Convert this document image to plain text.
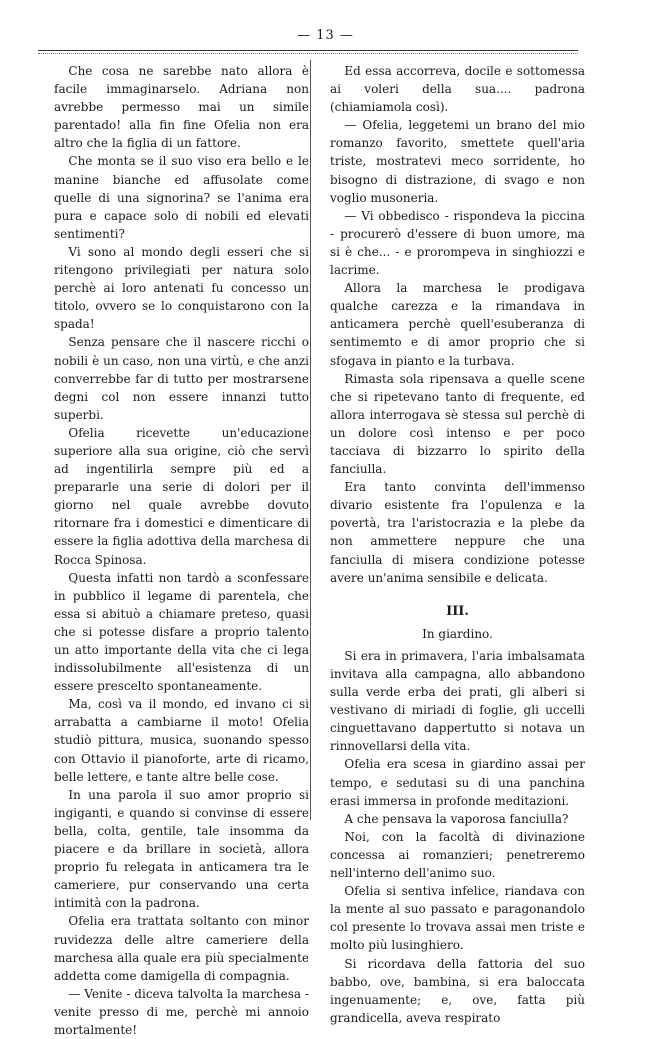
— 13 —

Che cosa ne sarebbe nato allora è facile immaginarselo. Adriana non avrebbe permesso mai un simile parentado! alla fin fine Ofelia non era altro che la figlia di un fattore.

Che monta se il suo viso era bello e le manine bianche ed affusolate come quelle di una signorina? se l'anima era pura e capace solo di nobili ed elevati sentimenti?

Vi sono al mondo degli esseri che si ritengono privilegiati per natura solo perchè ai loro antenati fu concesso un titolo, ovvero se lo conquistarono con la spada!

Senza pensare che il nascere ricchi o nobili è un caso, non una virtù, e che anzi converrebbe far di tutto per mostrarsene degni col non essere innanzi tutto superbi.

Ofelia ricevette un'educazione superiore alla sua origine, ciò che servì ad ingentilirla sempre più ed a prepararle una serie di dolori per il giorno nel quale avrebbe dovuto ritornare fra i domestici e dimenticare di essere la figlia adottiva della marchesa di Rocca Spinosa.

Questa infatti non tardò a sconfessare in pubblico il legame di parentela, che essa si abituò a chiamare preteso, quasi che si potesse disfare a proprio talento un atto importante della vita che ci lega indissolubilmente all'esistenza di un essere prescelto spontaneamente.

Ma, così va il mondo, ed invano ci si arrabatta a cambiarne il moto! Ofelia studiò pittura, musica, suonando spesso con Ottavio il pianoforte, arte di ricamo, belle lettere, e tante altre belle cose.

In una parola il suo amor proprio si ingiganti, e quando si convinse di essere bella, colta, gentile, tale insomma da piacere e da brillare in società, allora proprio fu relegata in anticamera tra le cameriere, pur conservando una certa intimità con la padrona.

Ofelia era trattata soltanto con minor ruvidezza delle altre cameriere della marchesa alla quale era più specialmente addetta come damigella di compagnia.

— Venite - diceva talvolta la marchesa - venite presso di me, perchè mi annoio mortalmente!

Ed essa accorreva, docile e sottomessa ai voleri della sua.... padrona (chiamiamola così).

— Ofelia, leggetemi un brano del mio romanzo favorito, smettete quell'aria triste, mostratevi meco sorridente, ho bisogno di distrazione, di svago e non voglio musoneria.

— Vi obbedisco - rispondeva la piccina - procurerò d'essere di buon umore, ma si è che... - e prorompeva in singhiozzi e lacrime.

Allora la marchesa le prodigava qualche carezza e la rimandava in anticamera perchè quell'esuberanza di sentimemto e di amor proprio che si sfogava in pianto e la turbava.

Rimasta sola ripensava a quelle scene che si ripetevano tanto di frequente, ed allora interrogava sè stessa sul perchè di un dolore così intenso e per poco tacciava di bizzarro lo spirito della fanciulla.

Era tanto convinta dell'immenso divario esistente fra l'opulenza e la povertà, tra l'aristocrazia e la plebe da non ammettere neppure che una fanciulla di misera condizione potesse avere un'anima sensibile e delicata.

III.
In giardino.

Si era in primavera, l'aria imbalsamata invitava alla campagna, allo abbandono sulla verde erba dei prati, gli alberi si vestivano di miriadi di foglie, gli uccelli cinguettavano dappertutto si notava un rinnovellarsi della vita.

Ofelia era scesa in giardino assai per tempo, e sedutasi su di una panchina erasi immersa in profonde meditazioni.

A che pensava la vaporosa fanciulla?

Noi, con la facoltà di divinazione concessa ai romanzieri; penetreremo nell'interno dell'animo suo.

Ofelia si sentiva infelice, riandava con la mente al suo passato e paragonandolo col presente lo trovava assai men triste e molto più lusinghiero.

Si ricordava della fattoria del suo babbo, ove, bambina, si era baloccata ingenuamente; e, ove, fatta più grandicella, aveva respirato
